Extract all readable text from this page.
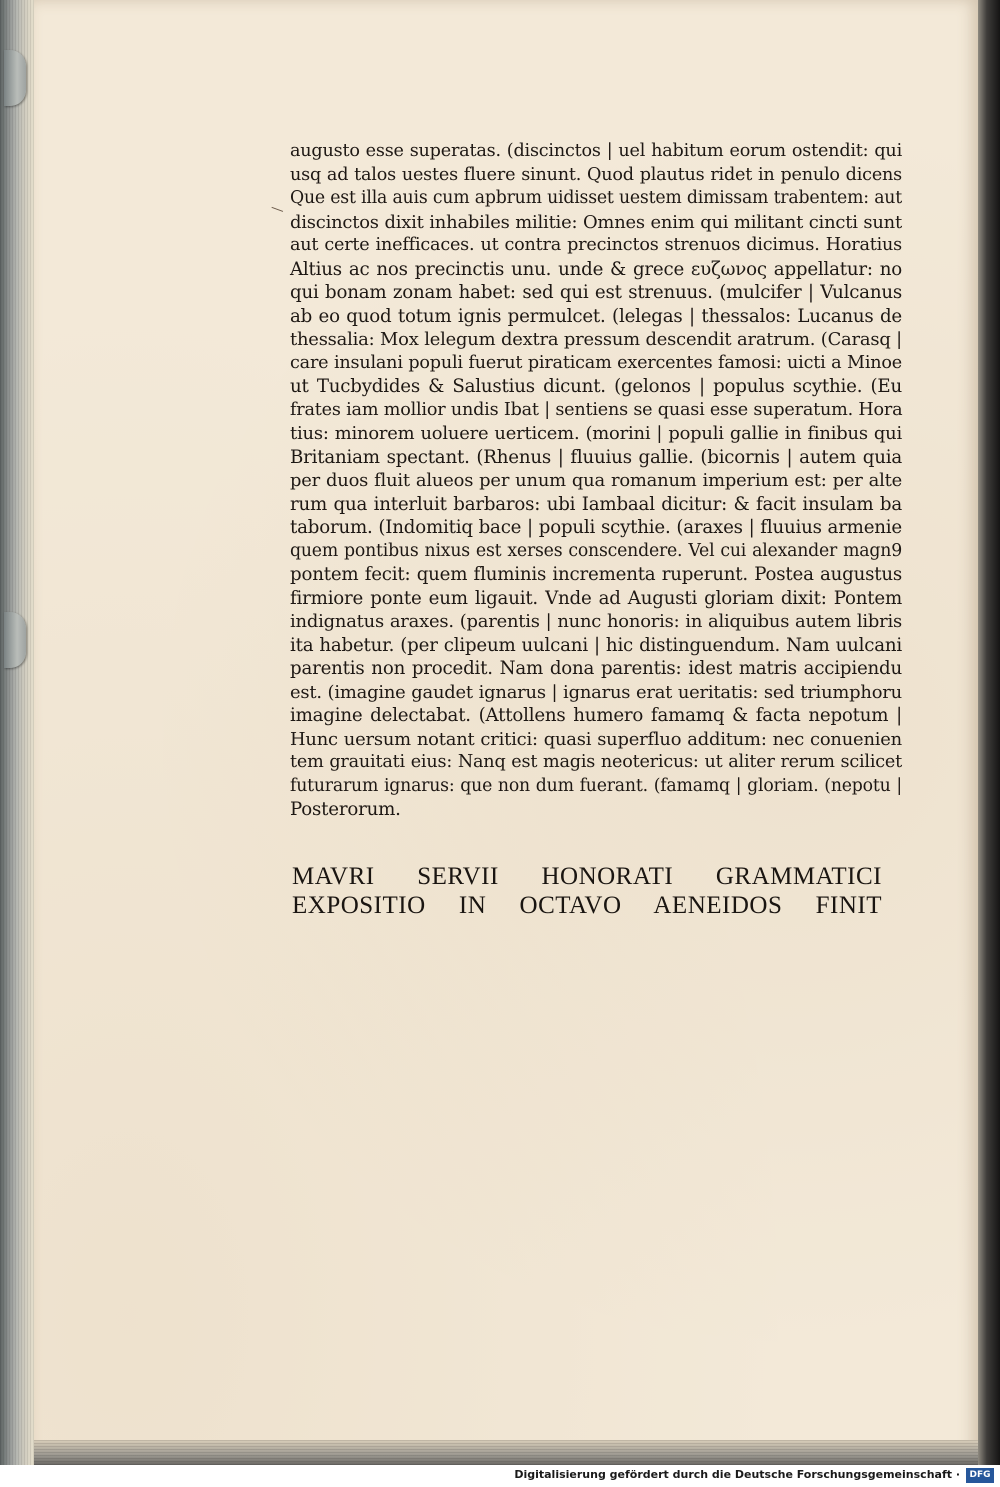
augusto esse superatas. (discinctos | uel habitum eorum ostendit: qui
usq ad talos uestes fluere sinunt. Quod plautus ridet in penulo dicens
Que est illa auis cum apbrum uidisset uestem dimissam trabentem: aut
discinctos dixit inhabiles militie: Omnes enim qui militant cincti sunt
aut certe inefficaces. ut contra precinctos strenuos dicimus. Horatius
Altius ac nos precinctis unu. unde & grece ευζωνος appellatur: no
qui bonam zonam habet: sed qui est strenuus. (mulcifer | Vulcanus
ab eo quod totum ignis permulcet. (lelegas | thessalos: Lucanus de
thessalia: Mox lelegum dextra pressum descendit aratrum. (Carasq |
care insulani populi fuerut piraticam exercentes famosi: uicti a Minoe
ut Tucbydides & Salustius dicunt. (gelonos | populus scythie. (Eu
frates iam mollior undis Ibat | sentiens se quasi esse superatum. Hora
tius: minorem uoluere uerticem. (morini | populi gallie in finibus qui
Britaniam spectant. (Rhenus | fluuius gallie. (bicornis | autem quia
per duos fluit alueos per unum qua romanum imperium est: per alte
rum qua interluit barbaros: ubi Iambaal dicitur: & facit insulam ba
taborum. (Indomitiq bace | populi scythie. (araxes | fluuius armenie
quem pontibus nixus est xerses conscendere. Vel cui alexander magn9
pontem fecit: quem fluminis incrementa ruperunt. Postea augustus
firmiore ponte eum ligauit. Vnde ad Augusti gloriam dixit: Pontem
indignatus araxes. (parentis | nunc honoris: in aliquibus autem libris
ita habetur. (per clipeum uulcani | hic distinguendum. Nam uulcani
parentis non procedit. Nam dona parentis: idest matris accipiendu
est. (imagine gaudet ignarus | ignarus erat ueritatis: sed triumphoru
imagine delectabat. (Attollens humero famamq & facta nepotum |
Hunc uersum notant critici: quasi superfluo additum: nec conuenien
tem grauitati eius: Nanq est magis neotericus: ut aliter rerum scilicet
futurarum ignarus: que non dum fuerant. (famamq | gloriam. (nepotu |
Posterorum.
MAVRI SERVII HONORATI GRAMMATICI
EXPOSITIO IN OCTAVO AENEIDOS FINIT
Digitalisierung gefördert durch die Deutsche Forschungsgemeinschaft ·	DFG
